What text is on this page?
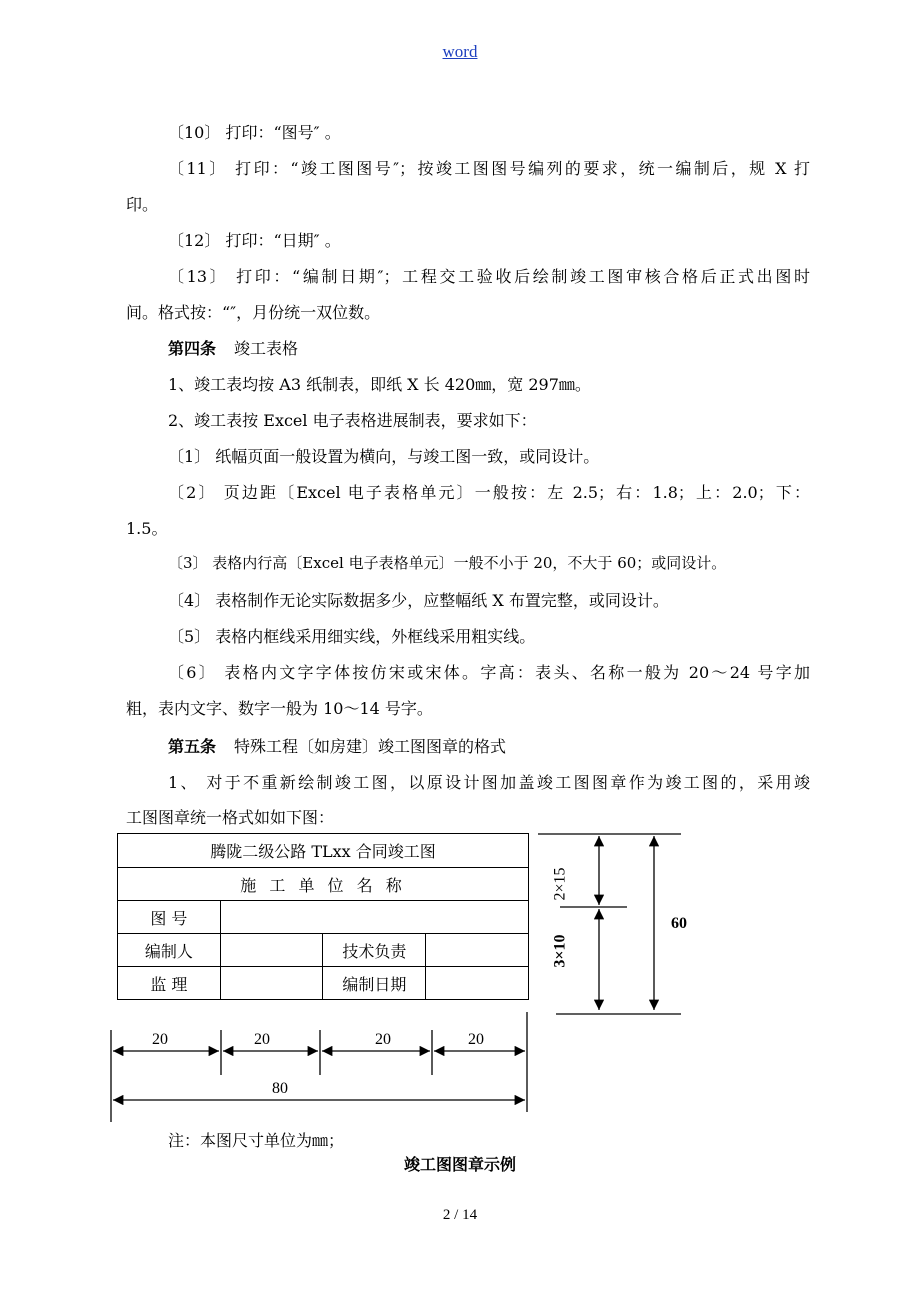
word
〔10〕 打印：“图号″ 。
〔11〕 打印：“竣工图图号″；按竣工图图号编列的要求，统一编制后，规 X 打
印。
〔12〕 打印：“日期″ 。
〔13〕 打印：“编制日期″；工程交工验收后绘制竣工图审核合格后正式出图时
间。格式按：“″，月份统一双位数。
第四条 竣工表格
1、竣工表均按 A3 纸制表，即纸 X 长 420㎜，宽 297㎜。
2、竣工表按 Excel 电子表格进展制表，要求如下：
〔1〕 纸幅页面一般设置为横向，与竣工图一致，或同设计。
〔2〕 页边距〔Excel 电子表格单元〕一般按：左 2.5；右：1.8；上：2.0；下：
1.5。
〔3〕 表格内行高〔Excel 电子表格单元〕一般不小于 20，不大于 60；或同设计。
〔4〕 表格制作无论实际数据多少，应整幅纸 X 布置完整，或同设计。
〔5〕 表格内框线采用细实线，外框线采用粗实线。
〔6〕 表格内文字字体按仿宋或宋体。字高：表头、名称一般为 20～24 号字加
粗，表内文字、数字一般为 10～14 号字。
第五条 特殊工程〔如房建〕竣工图图章的格式
1、 对于不重新绘制竣工图，以原设计图加盖竣工图图章作为竣工图的，采用竣
工图图章统一格式如如下图：
腾陇二级公路 TLxx 合同竣工图			
施 工 单 位 名 称			
图 号			
编制人		技术负责	
监 理		编制日期	
20	20	20	20
80
2×15
3×10
60
注：本图尺寸单位为㎜；
竣工图图章示例
2 / 14
